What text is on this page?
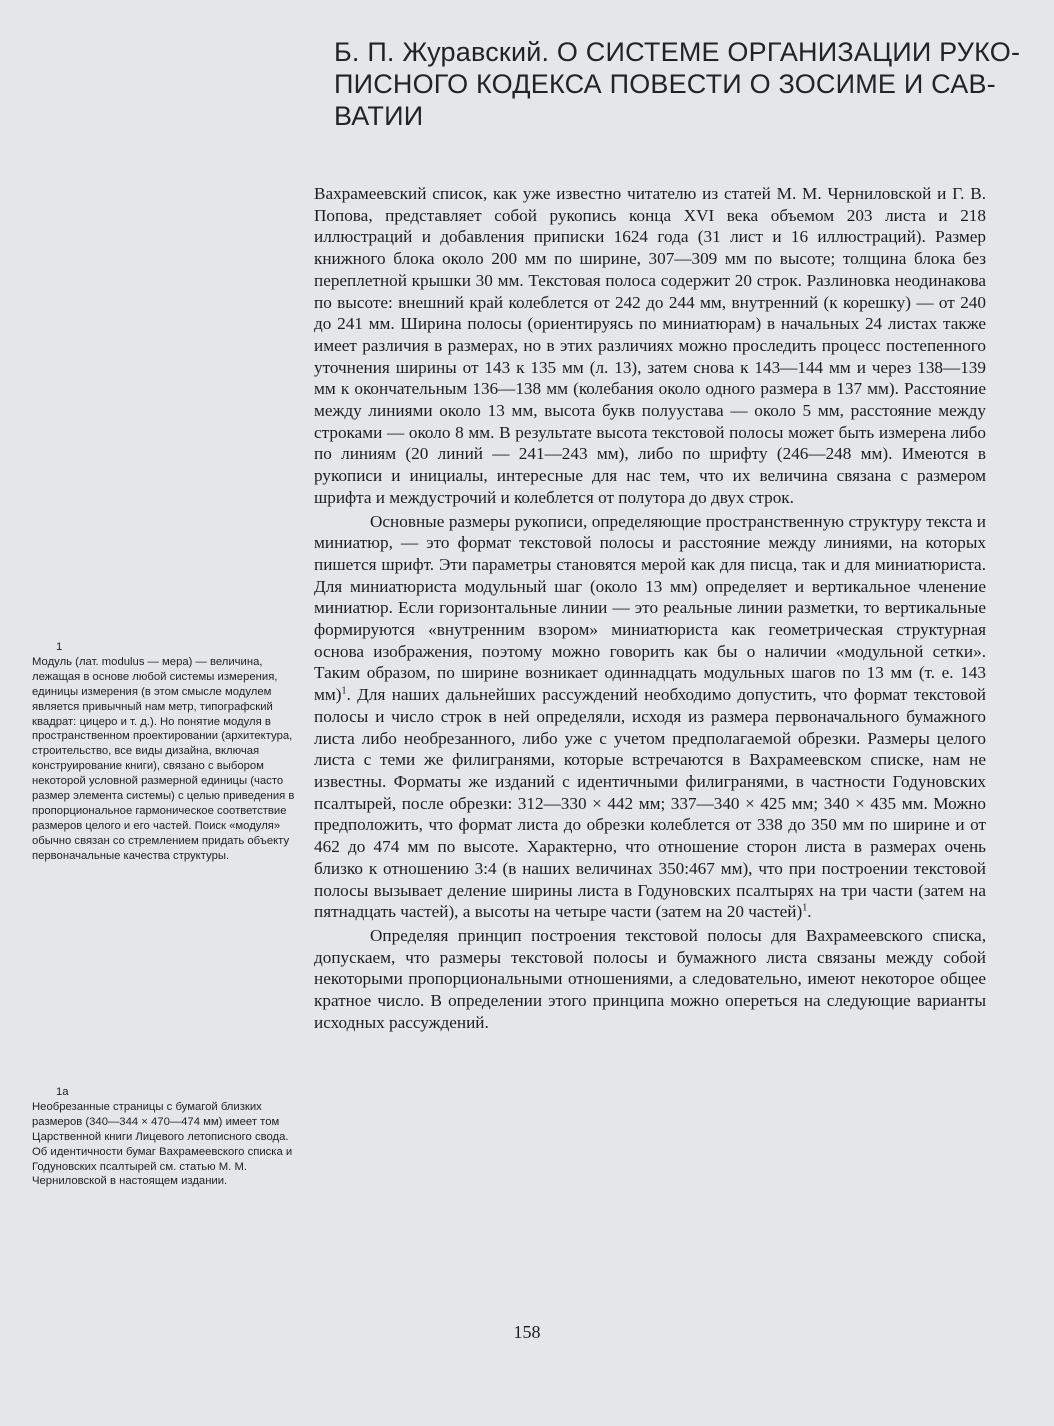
Б. П. Журавский. О СИСТЕМЕ ОРГАНИЗАЦИИ РУКО-
ПИСНОГО КОДЕКСА ПОВЕСТИ О ЗОСИМЕ И САВ-
ВАТИИ

Вахрамеевский список, как уже известно читателю из статей М. М. Черниловской и Г. В. Попова, представляет собой рукопись конца XVI века объемом 203 листа и 218 иллюстраций и добавления приписки 1624 года (31 лист и 16 иллюстраций). Размер книжного блока около 200 мм по ширине, 307—309 мм по высоте; толщина блока без переплетной крышки 30 мм. Текстовая полоса содержит 20 строк. Разлиновка неодинакова по высоте: внешний край колеблется от 242 до 244 мм, внутренний (к корешку) — от 240 до 241 мм. Ширина полосы (ориентируясь по миниатюрам) в начальных 24 листах также имеет различия в размерах, но в этих различиях можно проследить процесс постепенного уточнения ширины от 143 к 135 мм (л. 13), затем снова к 143—144 мм и через 138—139 мм к окончательным 136—138 мм (колебания около одного размера в 137 мм). Расстояние между линиями около 13 мм, высота букв полуустава — около 5 мм, расстояние между строками — около 8 мм. В результате высота текстовой полосы может быть измерена либо по линиям (20 линий — 241—243 мм), либо по шрифту (246—248 мм). Имеются в рукописи и инициалы, интересные для нас тем, что их величина связана с размером шрифта и междустрочий и колеблется от полутора до двух строк.

Основные размеры рукописи, определяющие пространственную структуру текста и миниатюр, — это формат текстовой полосы и расстояние между линиями, на которых пишется шрифт. Эти параметры становятся мерой как для писца, так и для миниатюриста. Для миниатюриста модульный шаг (около 13 мм) определяет и вертикальное членение миниатюр. Если горизонтальные линии — это реальные линии разметки, то вертикальные формируются «внутренним взором» миниатюриста как геометрическая структурная основа изображения, поэтому можно говорить как бы о наличии «модульной сетки». Таким образом, по ширине возникает одиннадцать модульных шагов по 13 мм (т. е. 143 мм)$^1$. Для наших дальнейших рассуждений необходимо допустить, что формат текстовой полосы и число строк в ней определяли, исходя из размера первоначального бумажного листа либо необрезанного, либо уже с учетом предполагаемой обрезки. Размеры целого листа с теми же филигранями, которые встречаются в Вахрамеевском списке, нам не известны. Форматы же изданий с идентичными филигранями, в частности Годуновских псалтырей, после обрезки: 312—330 × 442 мм; 337—340 × 425 мм; 340 × 435 мм. Можно предположить, что формат листа до обрезки колеблется от 338 до 350 мм по ширине и от 462 до 474 мм по высоте. Характерно, что отношение сторон листа в размерах очень близко к отношению 3:4 (в наших величинах 350:467 мм), что при построении текстовой полосы вызывает деление ширины листа в Годуновских псалтырях на три части (затем на пятнадцать частей), а высоты на четыре части (затем на 20 частей)$^1$.

Определяя принцип построения текстовой полосы для Вахрамеевского списка, допускаем, что размеры текстовой полосы и бумажного листа связаны между собой некоторыми пропорциональными отношениями, а следовательно, имеют некоторое общее кратное число. В определении этого принципа можно опереться на следующие варианты исходных рассуждений.

1
Модуль (лат. modulus — мера) — величина, лежащая в основе любой системы измерения, единицы измерения (в этом смысле модулем является привычный нам метр, типографский квадрат: цицеро и т. д.). Но понятие модуля в пространственном проектировании (архитектура, строительство, все виды дизайна, включая конструирование книги), связано с выбором некоторой условной размерной единицы (часто размер элемента системы) с целью приведения в пропорциональное гармоническое соответствие размеров целого и его частей. Поиск «модуля» обычно связан со стремлением придать объекту первоначальные качества структуры.
1а
Необрезанные страницы с бумагой близких размеров (340—344 × 470—474 мм) имеет том Царственной книги Лицевого летописного свода. Об идентичности бумаг Вахрамеевского списка и Годуновских псалтырей см. статью М. М. Черниловской в настоящем издании.
158
